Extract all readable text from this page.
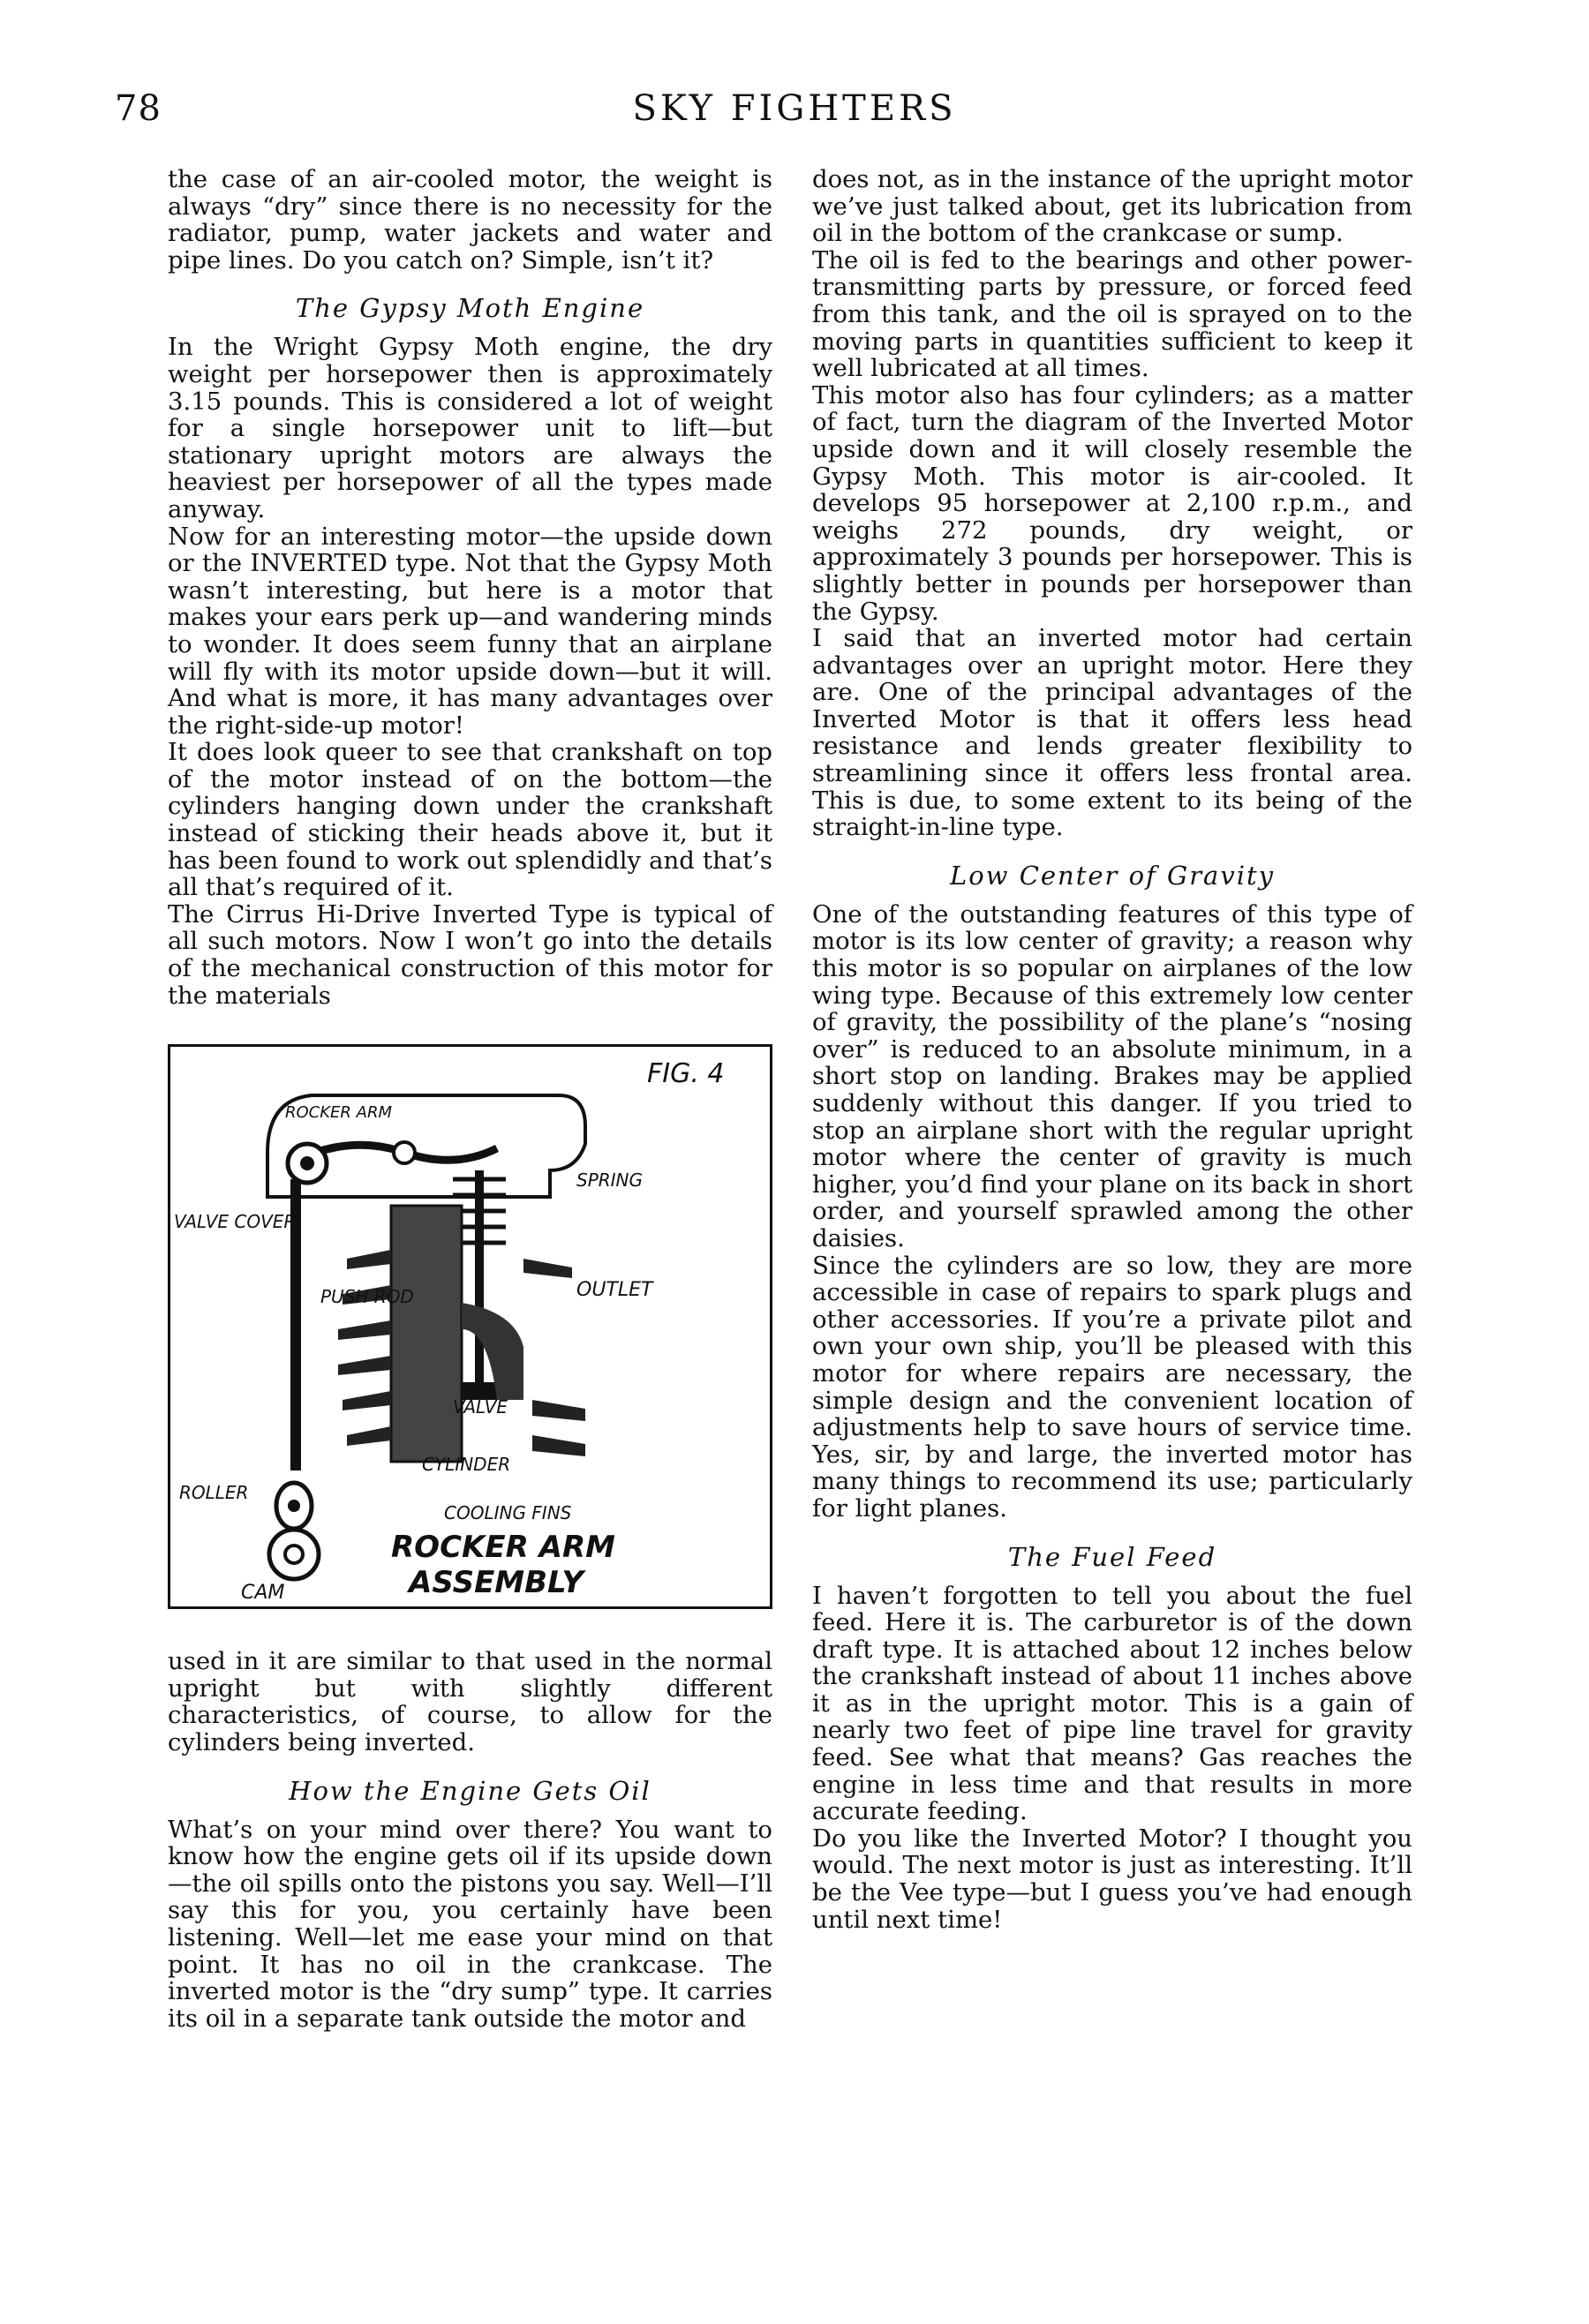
78	SKY FIGHTERS

the case of an air-cooled motor, the weight is always “dry” since there is no necessity for the radiator, pump, water jackets and water and pipe lines. Do you catch on? Simple, isn’t it?

The Gypsy Moth Engine

In the Wright Gypsy Moth engine, the dry weight per horsepower then is approximately 3.15 pounds. This is considered a lot of weight for a single horsepower unit to lift—but stationary upright motors are always the heaviest per horsepower of all the types made anyway.

Now for an interesting motor—the upside down or the INVERTED type. Not that the Gypsy Moth wasn’t interesting, but here is a motor that makes your ears perk up—and wandering minds to wonder. It does seem funny that an airplane will fly with its motor upside down—but it will. And what is more, it has many advantages over the right-side-up motor!

It does look queer to see that crankshaft on top of the motor instead of on the bottom—the cylinders hanging down under the crankshaft instead of sticking their heads above it, but it has been found to work out splendidly and that’s all that’s required of it.

The Cirrus Hi-Drive Inverted Type is typical of all such motors. Now I won’t go into the details of the mechanical construction of this motor for the materials

FIG. 4
ROCKER ARM
SPRING
VALVE COVER
PUSH ROD	OUTLET
VALVE
ROLLER
CYLINDER
COOLING FINS
CAM
ROCKER ARM
ASSEMBLY

used in it are similar to that used in the normal upright but with slightly different characteristics, of course, to allow for the cylinders being inverted.

How the Engine Gets Oil

What’s on your mind over there? You want to know how the engine gets oil if its upside down—the oil spills onto the pistons you say. Well—I’ll say this for you, you certainly have been listening. Well—let me ease your mind on that point. It has no oil in the crankcase. The inverted motor is the “dry sump” type. It carries its oil in a separate tank outside the motor and

does not, as in the instance of the upright motor we’ve just talked about, get its lubrication from oil in the bottom of the crankcase or sump.

The oil is fed to the bearings and other power-transmitting parts by pressure, or forced feed from this tank, and the oil is sprayed on to the moving parts in quantities sufficient to keep it well lubricated at all times.

This motor also has four cylinders; as a matter of fact, turn the diagram of the Inverted Motor upside down and it will closely resemble the Gypsy Moth. This motor is air-cooled. It develops 95 horsepower at 2,100 r.p.m., and weighs 272 pounds, dry weight, or approximately 3 pounds per horsepower. This is slightly better in pounds per horsepower than the Gypsy.

I said that an inverted motor had certain advantages over an upright motor. Here they are. One of the principal advantages of the Inverted Motor is that it offers less head resistance and lends greater flexibility to streamlining since it offers less frontal area. This is due, to some extent to its being of the straight-in-line type.

Low Center of Gravity

One of the outstanding features of this type of motor is its low center of gravity; a reason why this motor is so popular on airplanes of the low wing type. Because of this extremely low center of gravity, the possibility of the plane’s “nosing over” is reduced to an absolute minimum, in a short stop on landing. Brakes may be applied suddenly without this danger. If you tried to stop an airplane short with the regular upright motor where the center of gravity is much higher, you’d find your plane on its back in short order, and yourself sprawled among the other daisies.

Since the cylinders are so low, they are more accessible in case of repairs to spark plugs and other accessories. If you’re a private pilot and own your own ship, you’ll be pleased with this motor for where repairs are necessary, the simple design and the convenient location of adjustments help to save hours of service time. Yes, sir, by and large, the inverted motor has many things to recommend its use; particularly for light planes.

The Fuel Feed

I haven’t forgotten to tell you about the fuel feed. Here it is. The carburetor is of the down draft type. It is attached about 12 inches below the crankshaft instead of about 11 inches above it as in the upright motor. This is a gain of nearly two feet of pipe line travel for gravity feed. See what that means? Gas reaches the engine in less time and that results in more accurate feeding.

Do you like the Inverted Motor? I thought you would. The next motor is just as interesting. It’ll be the Vee type—but I guess you’ve had enough until next time!
